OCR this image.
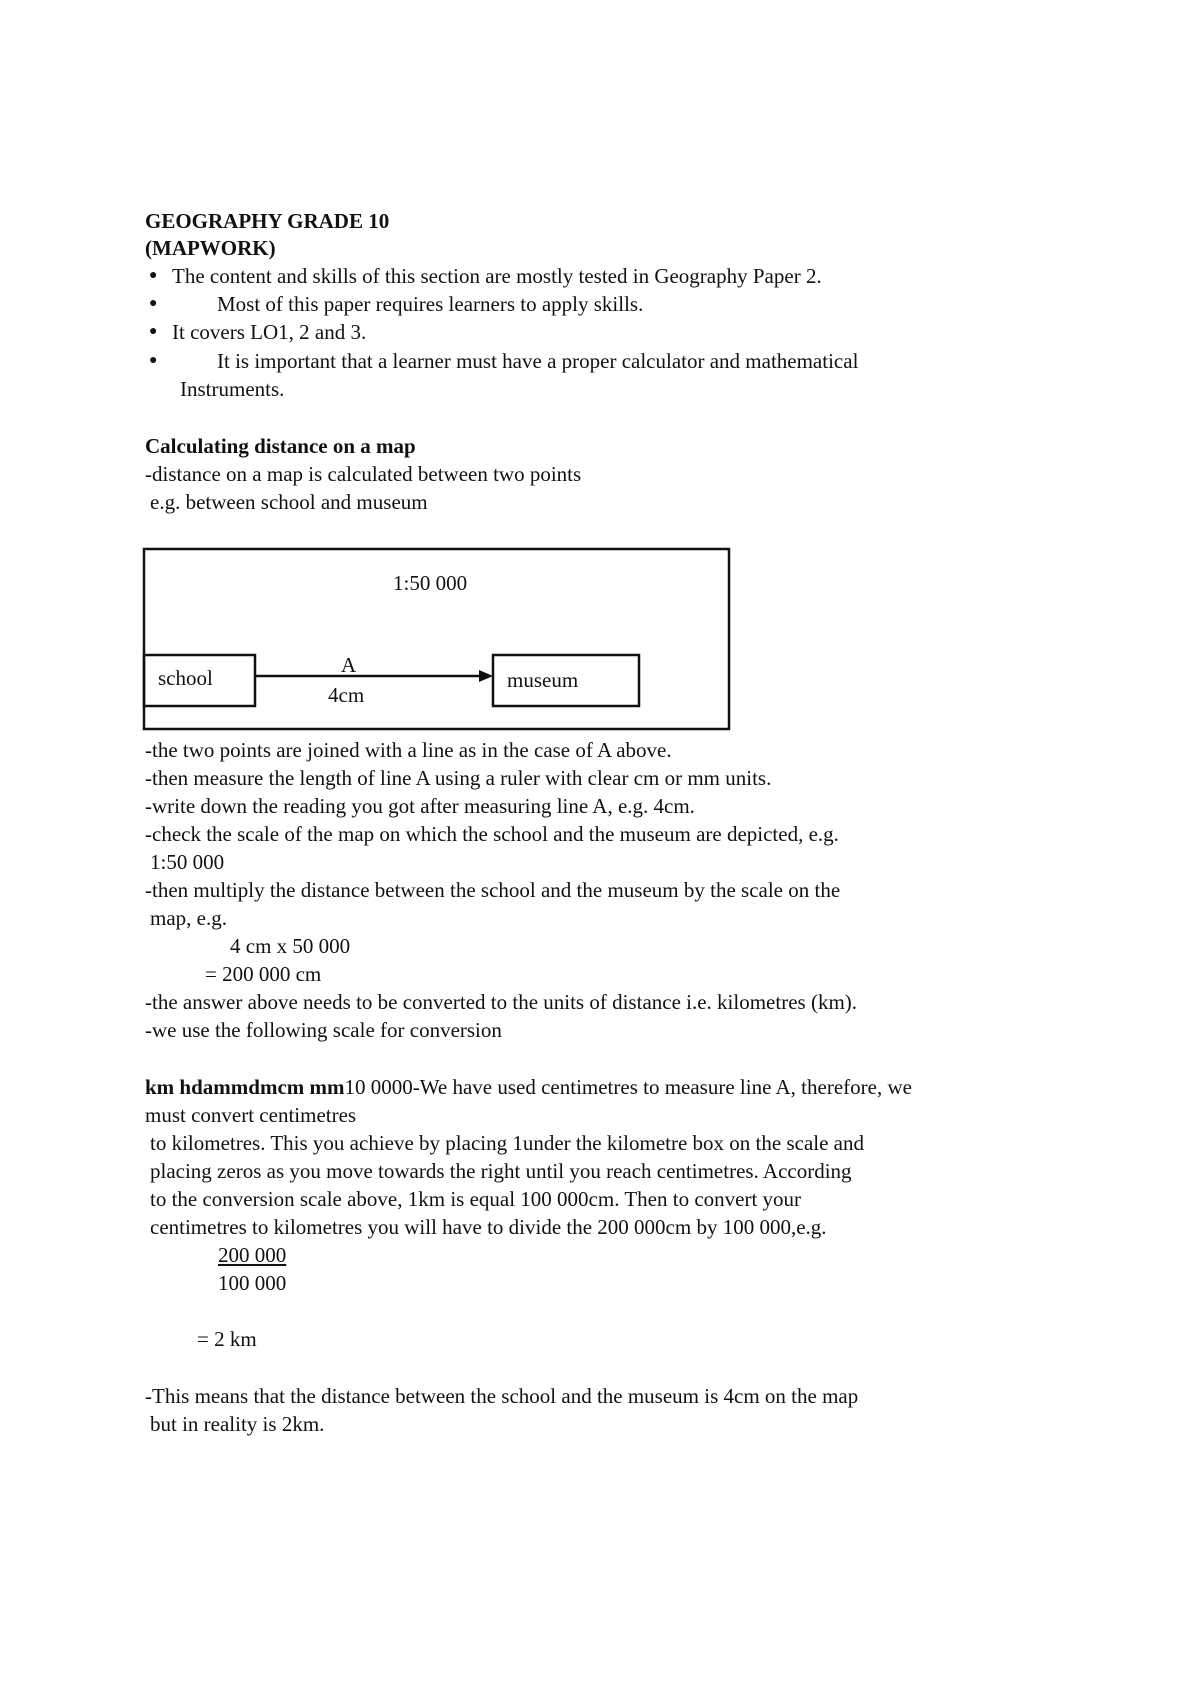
GEOGRAPHY GRADE 10
(MAPWORK)
● The content and skills of this section are mostly tested in Geography Paper 2.
●	Most of this paper requires learners to apply skills.
● It covers LO1, 2 and 3.
●	It is important that a learner must have a proper calculator and mathematical
Instruments.
Calculating distance on a map
-distance on a map is calculated between two points
e.g. between school and museum
1:50 000
school
A
4cm
museum
-the two points are joined with a line as in the case of A above.
-then measure the length of line A using a ruler with clear cm or mm units.
-write down the reading you got after measuring line A, e.g. 4cm.
-check the scale of the map on which the school and the museum are depicted, e.g.
1:50 000
-then multiply the distance between the school and the museum by the scale on the
map, e.g.
4 cm x 50 000
= 200 000 cm
-the answer above needs to be converted to the units of distance i.e. kilometres (km).
-we use the following scale for conversion
km hdammdmcm mm10 0000-We have used centimetres to measure line A, therefore, we
must convert centimetres
to kilometres. This you achieve by placing 1under the kilometre box on the scale and
placing zeros as you move towards the right until you reach centimetres. According
to the conversion scale above, 1km is equal 100 000cm. Then to convert your
centimetres to kilometres you will have to divide the 200 000cm by 100 000,e.g.
200 000
100 000
= 2 km
-This means that the distance between the school and the museum is 4cm on the map
but in reality is 2km.
